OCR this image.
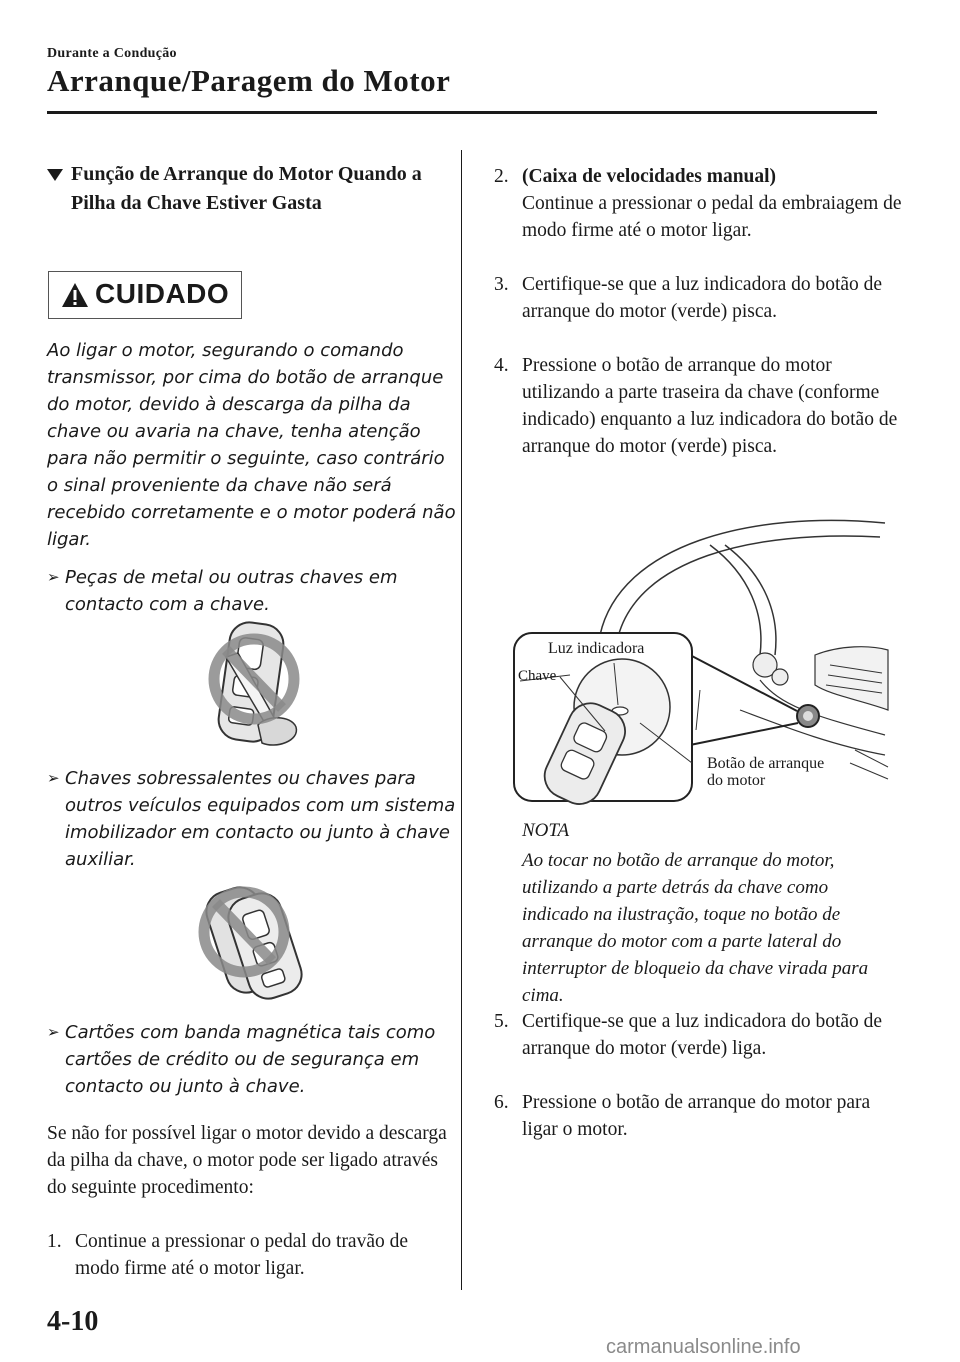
Durante a Condução
Arranque/Paragem do Motor
Função de Arranque do Motor Quando a Pilha da Chave Estiver Gasta
CUIDADO
Ao ligar o motor, segurando o comando transmissor, por cima do botão de arranque do motor, devido à descarga da pilha da chave ou avaria na chave, tenha atenção para não permitir o seguinte, caso contrário o sinal proveniente da chave não será recebido corretamente e o motor poderá não ligar.
➢ Peças de metal ou outras chaves em contacto com a chave.
➢ Chaves sobressalentes ou chaves para outros veículos equipados com um sistema imobilizador em contacto ou junto à chave auxiliar.
➢ Cartões com banda magnética tais como cartões de crédito ou de segurança em contacto ou junto à chave.
Se não for possível ligar o motor devido a descarga da pilha da chave, o motor pode ser ligado através do seguinte procedimento:
1. Continue a pressionar o pedal do travão de modo firme até o motor ligar.
2. (Caixa de velocidades manual)
Continue a pressionar o pedal da embraiagem de modo firme até o motor ligar.
3. Certifique-se que a luz indicadora do botão de arranque do motor (verde) pisca.
4. Pressione o botão de arranque do motor utilizando a parte traseira da chave (conforme indicado) enquanto a luz indicadora do botão de arranque do motor (verde) pisca.
Luz indicadora
Chave
Botão de arranque
do motor
NOTA
Ao tocar no botão de arranque do motor, utilizando a parte detrás da chave como indicado na ilustração, toque no botão de arranque do motor com a parte lateral do interruptor de bloqueio da chave virada para cima.
5. Certifique-se que a luz indicadora do botão de arranque do motor (verde) liga.
6. Pressione o botão de arranque do motor para ligar o motor.
4-10
carmanualsonline.info
